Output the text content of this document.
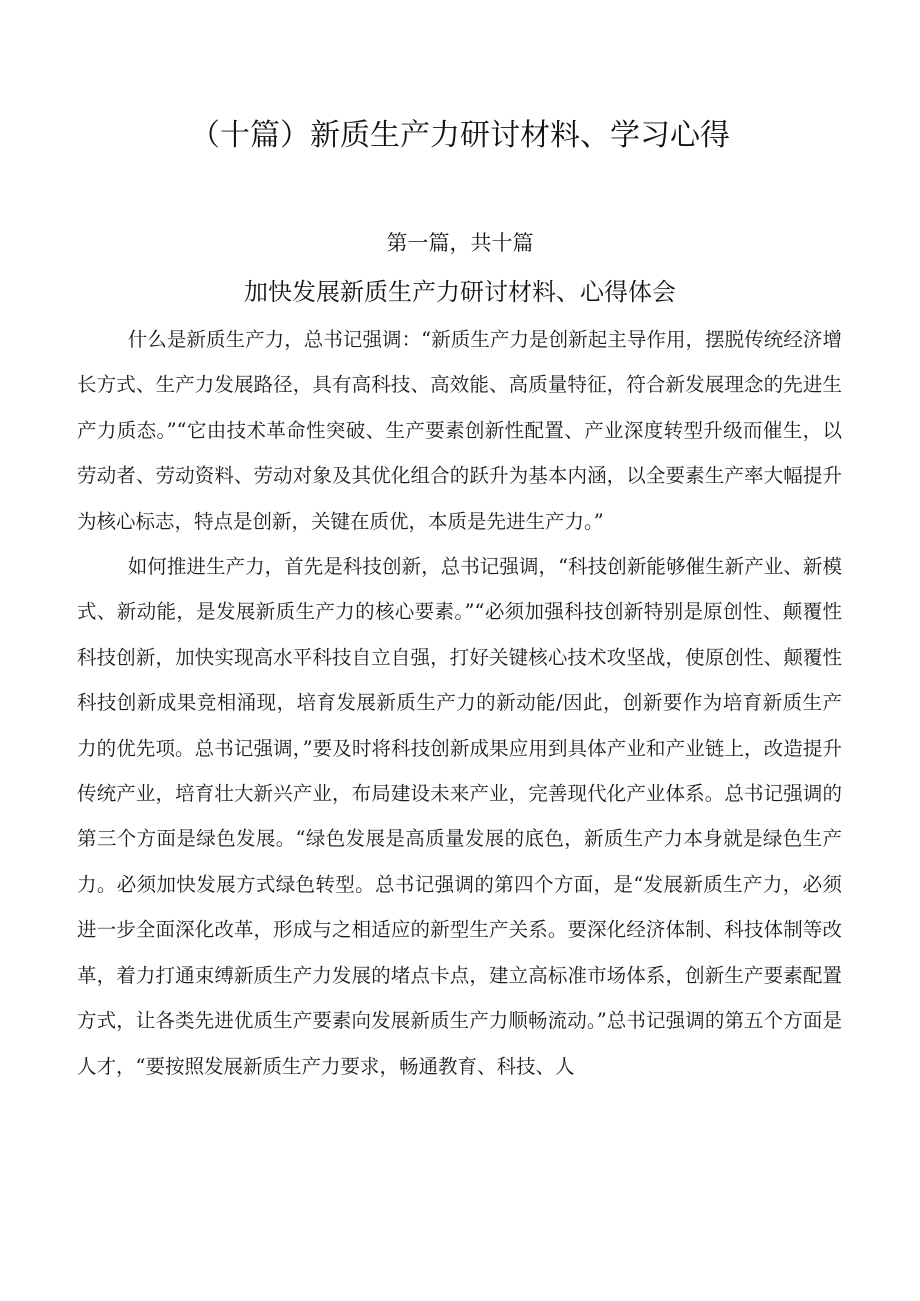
（十篇）新质生产力研讨材料、学习心得
第一篇，共十篇
加快发展新质生产力研讨材料、心得体会

什么是新质生产力，总书记强调：“新质生产力是创新起主导作用，摆脱传统经济增长方式、生产力发展路径，具有高科技、高效能、高质量特征，符合新发展理念的先进生产力质态。”“它由技术革命性突破、生产要素创新性配置、产业深度转型升级而催生，以劳动者、劳动资料、劳动对象及其优化组合的跃升为基本内涵，以全要素生产率大幅提升为核心标志，特点是创新，关键在质优，本质是先进生产力。”

如何推进生产力，首先是科技创新，总书记强调，“科技创新能够催生新产业、新模式、新动能，是发展新质生产力的核心要素。”“必须加强科技创新特别是原创性、颠覆性科技创新，加快实现高水平科技自立自强，打好关键核心技术攻坚战，使原创性、颠覆性科技创新成果竞相涌现，培育发展新质生产力的新动能/因此，创新要作为培育新质生产力的优先项。总书记强调，”要及时将科技创新成果应用到具体产业和产业链上，改造提升传统产业，培育壮大新兴产业，布局建设未来产业，完善现代化产业体系。总书记强调的第三个方面是绿色发展。“绿色发展是高质量发展的底色，新质生产力本身就是绿色生产力。必须加快发展方式绿色转型。总书记强调的第四个方面，是“发展新质生产力，必须进一步全面深化改革，形成与之相适应的新型生产关系。要深化经济体制、科技体制等改革，着力打通束缚新质生产力发展的堵点卡点，建立高标准市场体系，创新生产要素配置方式，让各类先进优质生产要素向发展新质生产力顺畅流动。”总书记强调的第五个方面是人才，“要按照发展新质生产力要求，畅通教育、科技、人
